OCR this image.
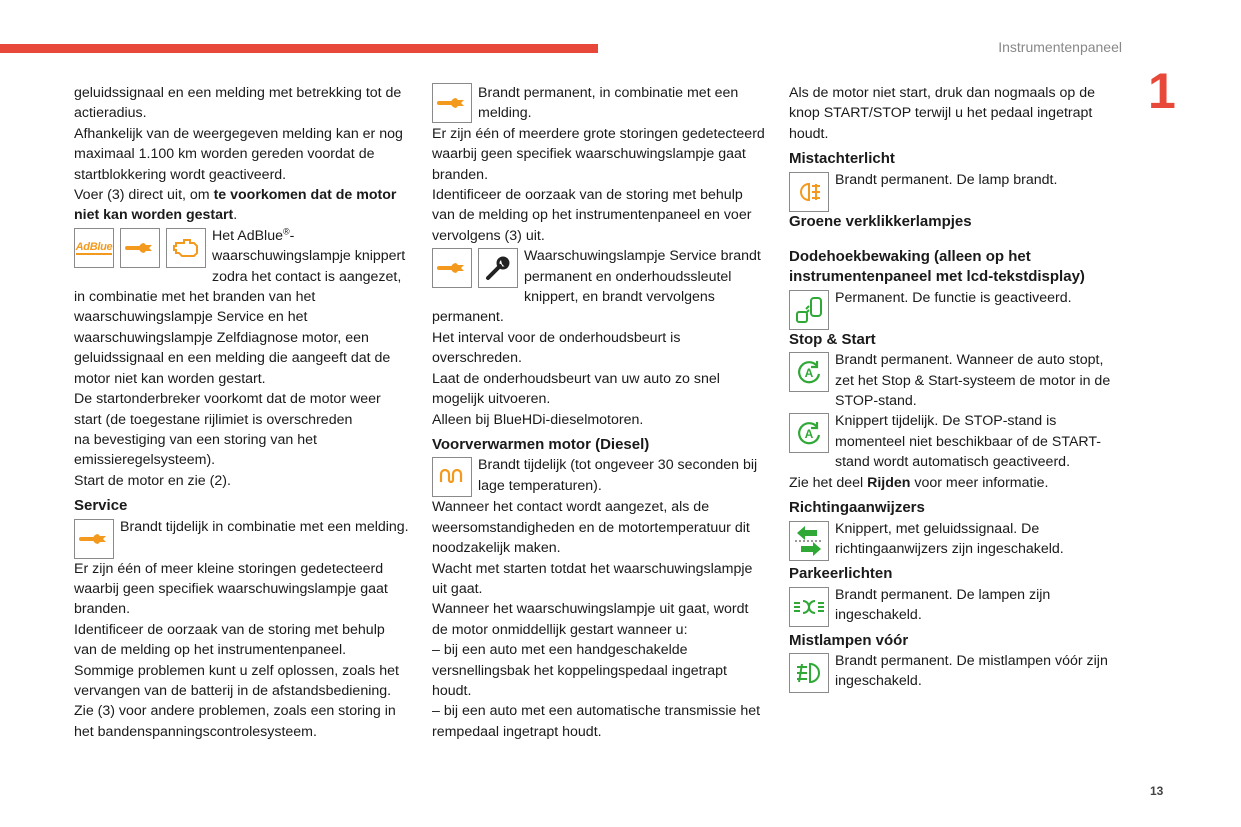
Instrumentenpaneel
1
13

geluidssignaal en een melding met betrekking tot de actieradius.

Afhankelijk van de weergegeven melding kan er nog maximaal 1.100 km worden gereden voordat de startblokkering wordt geactiveerd.

Voer (3) direct uit, om te voorkomen dat de motor niet kan worden gestart.

AdBlue

Het AdBlue®-waarschuwingslampje knippert zodra het contact is aangezet, in combinatie met het branden van het waarschuwingslampje Service en het waarschuwingslampje Zelfdiagnose motor, een geluidssignaal en een melding die aangeeft dat de motor niet kan worden gestart.

De startonderbreker voorkomt dat de motor weer start (de toegestane rijlimiet is overschreden

na bevestiging van een storing van het emissieregelsysteem).

Start de motor en zie (2).

Service

Brandt tijdelijk in combinatie met een melding.

Er zijn één of meer kleine storingen gedetecteerd waarbij geen specifiek waarschuwingslampje gaat branden.

Identificeer de oorzaak van de storing met behulp van de melding op het instrumentenpaneel.

Sommige problemen kunt u zelf oplossen, zoals het vervangen van de batterij in de afstandsbediening.

Zie (3) voor andere problemen, zoals een storing in het bandenspanningscontrolesysteem.

Brandt permanent, in combinatie met een melding.

Er zijn één of meerdere grote storingen gedetecteerd waarbij geen specifiek waarschuwingslampje gaat branden.

Identificeer de oorzaak van de storing met behulp van de melding op het instrumentenpaneel en voer vervolgens (3) uit.

Waarschuwingslampje Service brandt permanent en onderhoudssleutel knippert, en brandt vervolgens permanent.

Het interval voor de onderhoudsbeurt is overschreden.

Laat de onderhoudsbeurt van uw auto zo snel mogelijk uitvoeren.

Alleen bij BlueHDi-dieselmotoren.

Voorverwarmen motor (Diesel)

Brandt tijdelijk (tot ongeveer 30 seconden bij lage temperaturen).

Wanneer het contact wordt aangezet, als de weersomstandigheden en de motortemperatuur dit noodzakelijk maken.

Wacht met starten totdat het waarschuwingslampje uit gaat.

Wanneer het waarschuwingslampje uit gaat, wordt de motor onmiddellijk gestart wanneer u:

– bij een auto met een handgeschakelde versnellingsbak het koppelingspedaal ingetrapt houdt.

– bij een auto met een automatische transmissie het rempedaal ingetrapt houdt.

Als de motor niet start, druk dan nogmaals op de knop START/STOP terwijl u het pedaal ingetrapt houdt.

Mistachterlicht

Brandt permanent. De lamp brandt.

Groene verklikkerlampjes
Dodehoekbewaking (alleen op het instrumentenpaneel met lcd-tekstdisplay)

Permanent. De functie is geactiveerd.

Stop & Start
A

Brandt permanent. Wanneer de auto stopt, zet het Stop & Start-systeem de motor in de STOP-stand.

A

Knippert tijdelijk. De STOP-stand is momenteel niet beschikbaar of de START-stand wordt automatisch geactiveerd.

Zie het deel Rijden voor meer informatie.

Richtingaanwijzers

Knippert, met geluidssignaal. De richtingaanwijzers zijn ingeschakeld.

Parkeerlichten

Brandt permanent. De lampen zijn ingeschakeld.

Mistlampen vóór

Brandt permanent. De mistlampen vóór zijn ingeschakeld.
